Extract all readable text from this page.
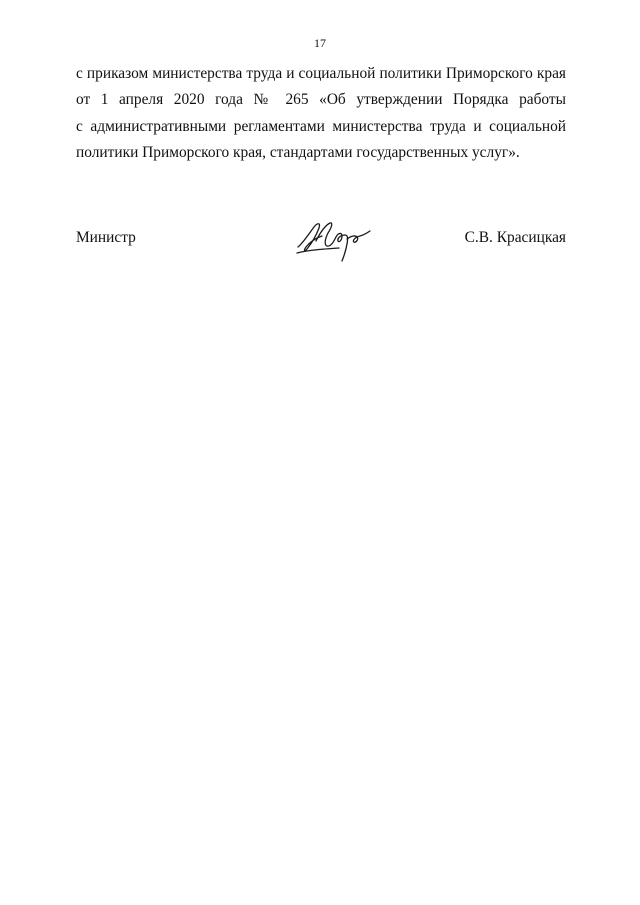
17
с приказом министерства труда и социальной политики Приморского края
от 1 апреля 2020 года № 265 «Об утверждении Порядка работы
с административными регламентами министерства труда и социальной
политики Приморского края, стандартами государственных услуг».
Министр	С.В. Красицкая
